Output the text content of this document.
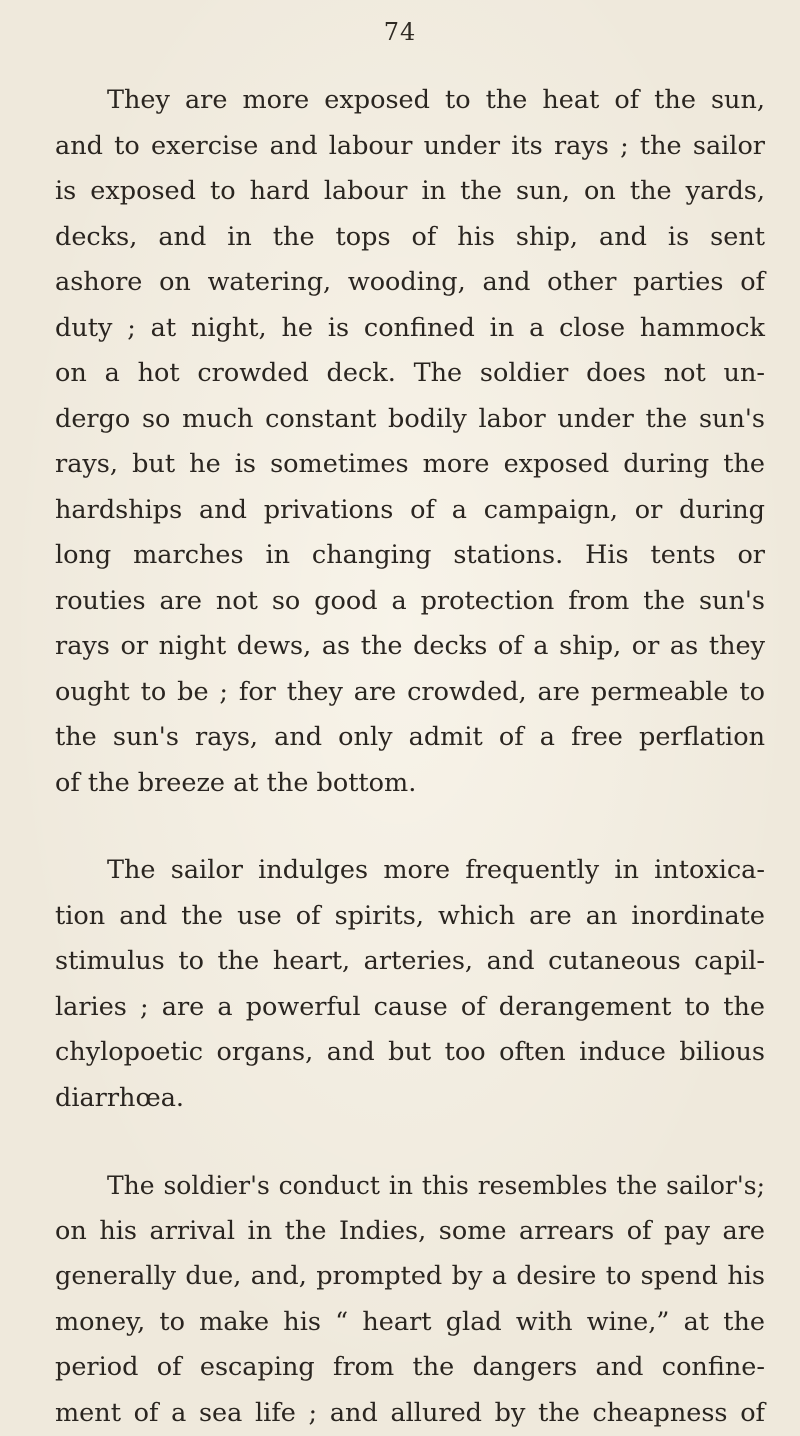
74

They are more exposed to the heat of the sun,
and to exercise and labour under its rays ; the sailor
is exposed to hard labour in the sun, on the yards,
decks, and in the tops of his ship, and is sent
ashore on watering, wooding, and other parties of
duty ; at night, he is confined in a close hammock
on a hot crowded deck. The soldier does not un-
dergo so much constant bodily labor under the sun's
rays, but he is sometimes more exposed during the
hardships and privations of a campaign, or during
long marches in changing stations. His tents or
routies are not so good a protection from the sun's
rays or night dews, as the decks of a ship, or as they
ought to be ; for they are crowded, are permeable to
the sun's rays, and only admit of a free perflation
of the breeze at the bottom.

The sailor indulges more frequently in intoxica-
tion and the use of spirits, which are an inordinate
stimulus to the heart, arteries, and cutaneous capil-
laries ; are a powerful cause of derangement to the
chylopoetic organs, and but too often induce bilious
diarrhœa.

The soldier's conduct in this resembles the sailor's;
on his arrival in the Indies, some arrears of pay are
generally due, and, prompted by a desire to spend his
money, to make his “ heart glad with wine,” at the
period of escaping from the dangers and confine-
ment of a sea life ; and allured by the cheapness of
